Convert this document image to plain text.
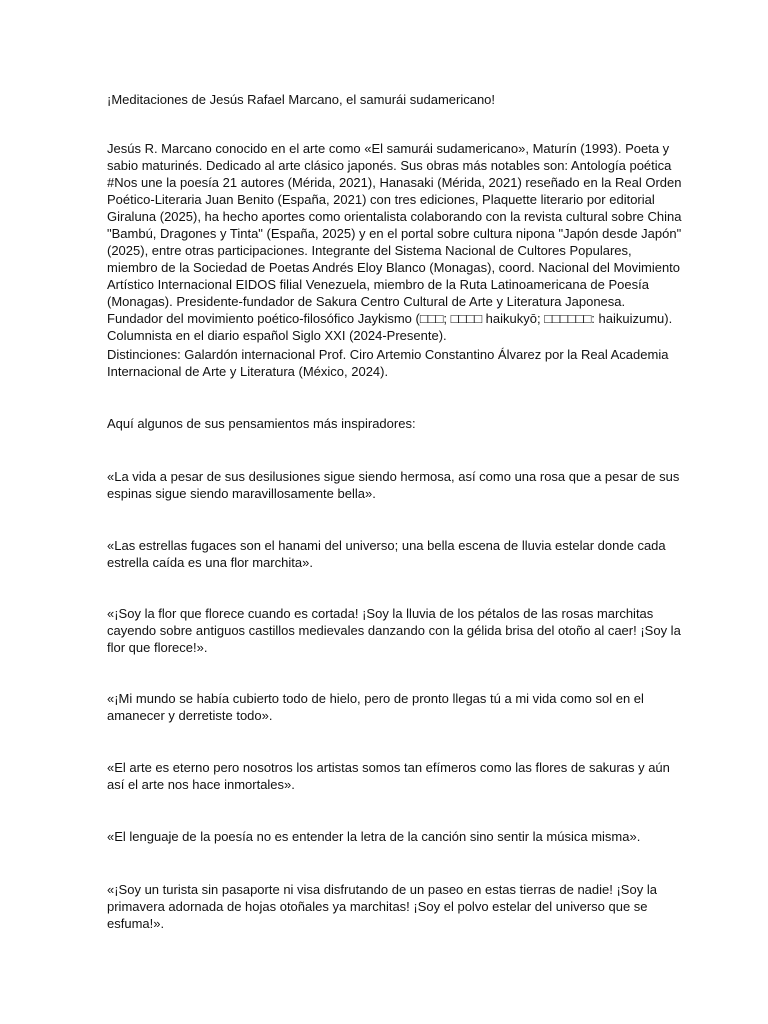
¡Meditaciones de Jesús Rafael Marcano, el samurái sudamericano!

Jesús R. Marcano conocido en el arte como «El samurái sudamericano», Maturín (1993). Poeta y
sabio maturinés. Dedicado al arte clásico japonés. Sus obras más notables son: Antología poética
#Nos une la poesía 21 autores (Mérida, 2021), Hanasaki (Mérida, 2021) reseñado en la Real Orden
Poético-Literaria Juan Benito (España, 2021) con tres ediciones, Plaquette literario por editorial
Giraluna (2025), ha hecho aportes como orientalista colaborando con la revista cultural sobre China
"Bambú, Dragones y Tinta" (España, 2025) y en el portal sobre cultura nipona "Japón desde Japón"
(2025), entre otras participaciones. Integrante del Sistema Nacional de Cultores Populares,
miembro de la Sociedad de Poetas Andrés Eloy Blanco (Monagas), coord. Nacional del Movimiento
Artístico Internacional EIDOS filial Venezuela, miembro de la Ruta Latinoamericana de Poesía
(Monagas). Presidente-fundador de Sakura Centro Cultural de Arte y Literatura Japonesa.
Fundador del movimiento poético-filosófico Jaykismo (□□□; □□□□ haikukyō; □□□□□□: haikuizumu).
Columnista en el diario español Siglo XXI (2024-Presente).

Distinciones: Galardón internacional Prof. Ciro Artemio Constantino Álvarez por la Real Academia
Internacional de Arte y Literatura (México, 2024).

Aquí algunos de sus pensamientos más inspiradores:

«La vida a pesar de sus desilusiones sigue siendo hermosa, así como una rosa que a pesar de sus
espinas sigue siendo maravillosamente bella».

«Las estrellas fugaces son el hanami del universo; una bella escena de lluvia estelar donde cada
estrella caída es una flor marchita».

«¡Soy la flor que florece cuando es cortada! ¡Soy la lluvia de los pétalos de las rosas marchitas
cayendo sobre antiguos castillos medievales danzando con la gélida brisa del otoño al caer! ¡Soy la
flor que florece!».

«¡Mi mundo se había cubierto todo de hielo, pero de pronto llegas tú a mi vida como sol en el
amanecer y derretiste todo».

«El arte es eterno pero nosotros los artistas somos tan efímeros como las flores de sakuras y aún
así el arte nos hace inmortales».

«El lenguaje de la poesía no es entender la letra de la canción sino sentir la música misma».

«¡Soy un turista sin pasaporte ni visa disfrutando de un paseo en estas tierras de nadie! ¡Soy la
primavera adornada de hojas otoñales ya marchitas! ¡Soy el polvo estelar del universo que se
esfuma!».
